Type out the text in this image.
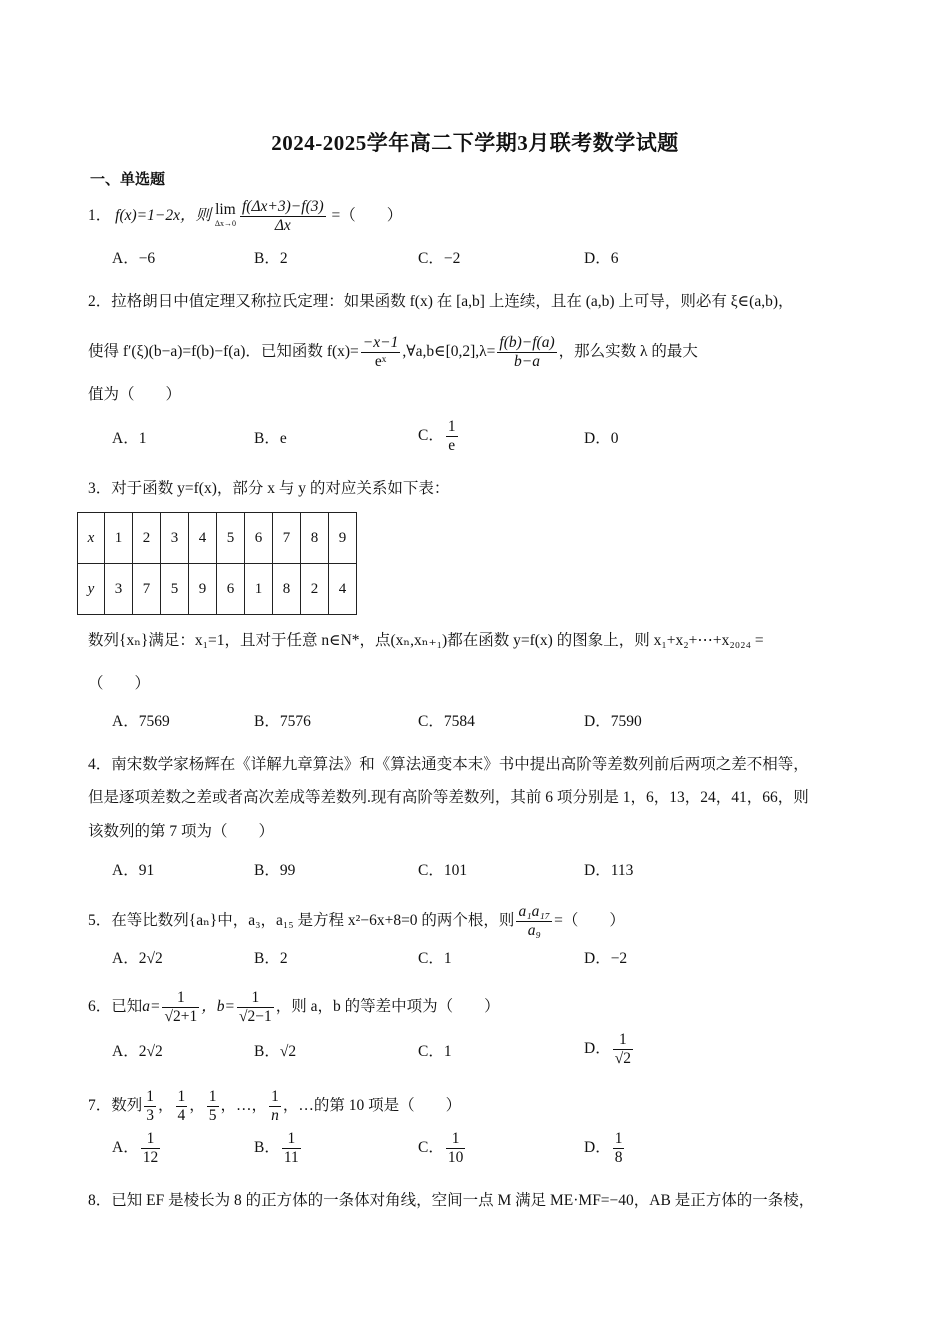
2024-2025学年高二下学期3月联考数学试题
一、单选题
1． f(x)=1−2x，则 lim
$\Delta x\to 0 \frac{f(\Delta x+3)-f(3)}{\Delta x}$ =（　　）
A．−6	B．2	C．−2	D．6
2．拉格朗日中值定理又称拉氏定理：如果函数 f(x) 在 [a,b] 上连续，且在 (a,b) 上可导，则必有 ξ∈(a,b)，
使得 f′(ξ)(b−a)=f(b)−f(a)．已知函数 $f(x)= \frac{-x-1}{\text{eˣ}}$ ,∀a,b∈[0,2],λ= $\frac{f(b)-f(a)}{b-a}$ ，那么实数 λ 的最大
值为（　　）
A．1	B．e	C． $\frac{1}{e}$	D．0
3．对于函数 y=f(x)，部分 x 与 y 的对应关系如下表：
x	1	2	3	4	5	6	7	8	9
y	3	7	5	9	6	1	8	2	4
数列{xₙ}满足：x₁=1，且对于任意 n∈N*，点(xₙ,xₙ₊₁)都在函数 y=f(x) 的图象上，则 x₁+x₂+⋯+x₂₀₂₄ =
（　　）
A．7569	B．7576	C．7584	D．7590
4．南宋数学家杨辉在《详解九章算法》和《算法通变本末》书中提出高阶等差数列前后两项之差不相等，
但是逐项差数之差或者高次差成等差数列.现有高阶等差数列，其前 6 项分别是 1，6，13，24，41，66，则
该数列的第 7 项为（　　）
A．91	B．99	C．101	D．113
5．在等比数列{aₙ}中，a₃，a₁₅ 是方程 x²−6x+8=0 的两个根，则 $\frac{\text{a₁a₁₇}}{\text{a₉}}$ =（　　）
A．2√2	B．2	C．1	D．−2
6．已知$a= \frac{1}{√2+1}$ ，$b= \frac{1}{√2-1}$ ，则 a，b 的等差中项为（　　）
A．2√2	B．√2	C．1	D． $\frac{1}{√2}$
7．数列 $\frac{1}{3}$ ， $\frac{1}{4}$ ， $\frac{1}{5}$ ，…， $\frac{1}{n}$ ，…的第 10 项是（　　）
A． $\frac{1}{12}$	B． $\frac{1}{11}$	C． $\frac{1}{10}$	D． $\frac{1}{8}$
8．已知 EF 是棱长为 8 的正方体的一条体对角线，空间一点 M 满足 ME·MF=−40，AB 是正方体的一条棱，
